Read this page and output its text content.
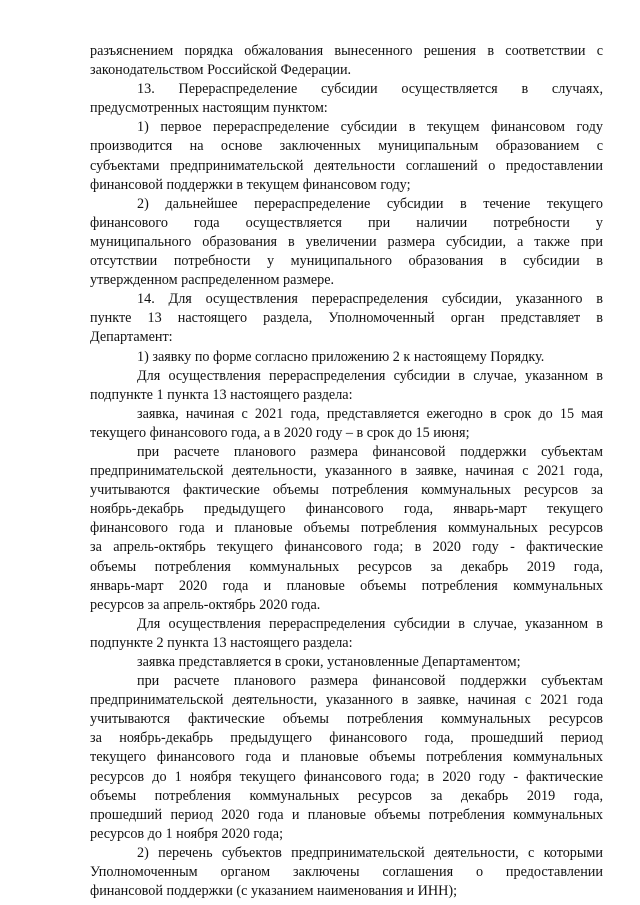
разъяснением порядка обжалования вынесенного решения в соответствии с
законодательством Российской Федерации.
13. Перераспределение субсидии осуществляется в случаях,
предусмотренных настоящим пунктом:
1) первое перераспределение субсидии в текущем финансовом году
производится на основе заключенных муниципальным образованием с
субъектами предпринимательской деятельности соглашений о предоставлении
финансовой поддержки в текущем финансовом году;
2) дальнейшее перераспределение субсидии в течение текущего
финансового года осуществляется при наличии потребности у
муниципального образования в увеличении размера субсидии, а также при
отсутствии потребности у муниципального образования в субсидии в
утвержденном распределенном размере.
14. Для осуществления перераспределения субсидии, указанного в
пункте 13 настоящего раздела, Уполномоченный орган представляет в
Департамент:
1) заявку по форме согласно приложению 2 к настоящему Порядку.
Для осуществления перераспределения субсидии в случае, указанном в
подпункте 1 пункта 13 настоящего раздела:
заявка, начиная с 2021 года, представляется ежегодно в срок до 15 мая
текущего финансового года, а в 2020 году – в срок до 15 июня;
при расчете планового размера финансовой поддержки субъектам
предпринимательской деятельности, указанного в заявке, начиная с 2021 года,
учитываются фактические объемы потребления коммунальных ресурсов за
ноябрь-декабрь предыдущего финансового года, январь-март текущего
финансового года и плановые объемы потребления коммунальных ресурсов
за апрель-октябрь текущего финансового года; в 2020 году - фактические
объемы потребления коммунальных ресурсов за декабрь 2019 года,
январь-март 2020 года и плановые объемы потребления коммунальных
ресурсов за апрель-октябрь 2020 года.
Для осуществления перераспределения субсидии в случае, указанном в
подпункте 2 пункта 13 настоящего раздела:
заявка представляется в сроки, установленные Департаментом;
при расчете планового размера финансовой поддержки субъектам
предпринимательской деятельности, указанного в заявке, начиная с 2021 года
учитываются фактические объемы потребления коммунальных ресурсов
за ноябрь-декабрь предыдущего финансового года, прошедший период
текущего финансового года и плановые объемы потребления коммунальных
ресурсов до 1 ноября текущего финансового года; в 2020 году - фактические
объемы потребления коммунальных ресурсов за декабрь 2019 года,
прошедший период 2020 года и плановые объемы потребления коммунальных
ресурсов до 1 ноября 2020 года;
2) перечень субъектов предпринимательской деятельности, с которыми
Уполномоченным органом заключены соглашения о предоставлении
финансовой поддержки (с указанием наименования и ИНН);
